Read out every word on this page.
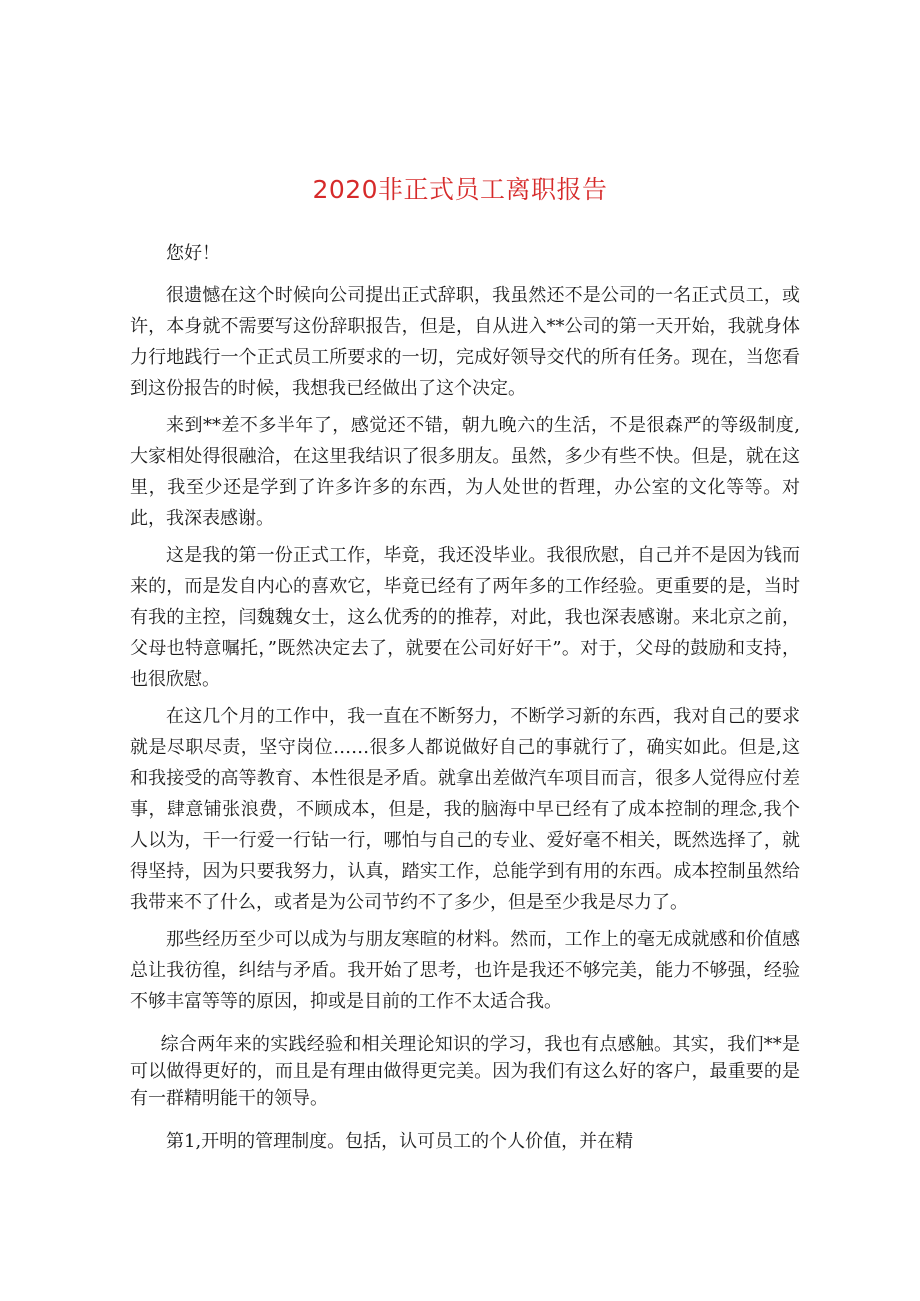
2020非正式员工离职报告

您好！

很遗憾在这个时候向公司提出正式辞职，我虽然还不是公司的一名正式员工，或许，本身就不需要写这份辞职报告，但是，自从进入**公司的第一天开始，我就身体力行地践行一个正式员工所要求的一切，完成好领导交代的所有任务。现在，当您看到这份报告的时候，我想我已经做出了这个决定。

来到**差不多半年了，感觉还不错，朝九晚六的生活，不是很森严的等级制度,大家相处得很融洽，在这里我结识了很多朋友。虽然，多少有些不快。但是，就在这里，我至少还是学到了许多许多的东西，为人处世的哲理，办公室的文化等等。对此，我深表感谢。

这是我的第一份正式工作，毕竟，我还没毕业。我很欣慰，自己并不是因为钱而来的，而是发自内心的喜欢它，毕竟已经有了两年多的工作经验。更重要的是，当时有我的主控，闫魏魏女士，这么优秀的的推荐，对此，我也深表感谢。来北京之前，父母也特意嘱托，”既然决定去了，就要在公司好好干”。对于，父母的鼓励和支持，也很欣慰。

在这几个月的工作中，我一直在不断努力，不断学习新的东西，我对自己的要求就是尽职尽责，坚守岗位……很多人都说做好自己的事就行了，确实如此。但是,这和我接受的高等教育、本性很是矛盾。就拿出差做汽车项目而言，很多人觉得应付差事，肆意铺张浪费，不顾成本，但是，我的脑海中早已经有了成本控制的理念,我个人以为，干一行爱一行钻一行，哪怕与自己的专业、爱好毫不相关，既然选择了，就得坚持，因为只要我努力，认真，踏实工作，总能学到有用的东西。成本控制虽然给我带来不了什么，或者是为公司节约不了多少，但是至少我是尽力了。

那些经历至少可以成为与朋友寒暄的材料。然而，工作上的毫无成就感和价值感总让我彷徨，纠结与矛盾。我开始了思考，也许是我还不够完美，能力不够强，经验不够丰富等等的原因，抑或是目前的工作不太适合我。

综合两年来的实践经验和相关理论知识的学习，我也有点感触。其实，我们**是可以做得更好的，而且是有理由做得更完美。因为我们有这么好的客户，最重要的是有一群精明能干的领导。

第1,开明的管理制度。包括，认可员工的个人价值，并在精
